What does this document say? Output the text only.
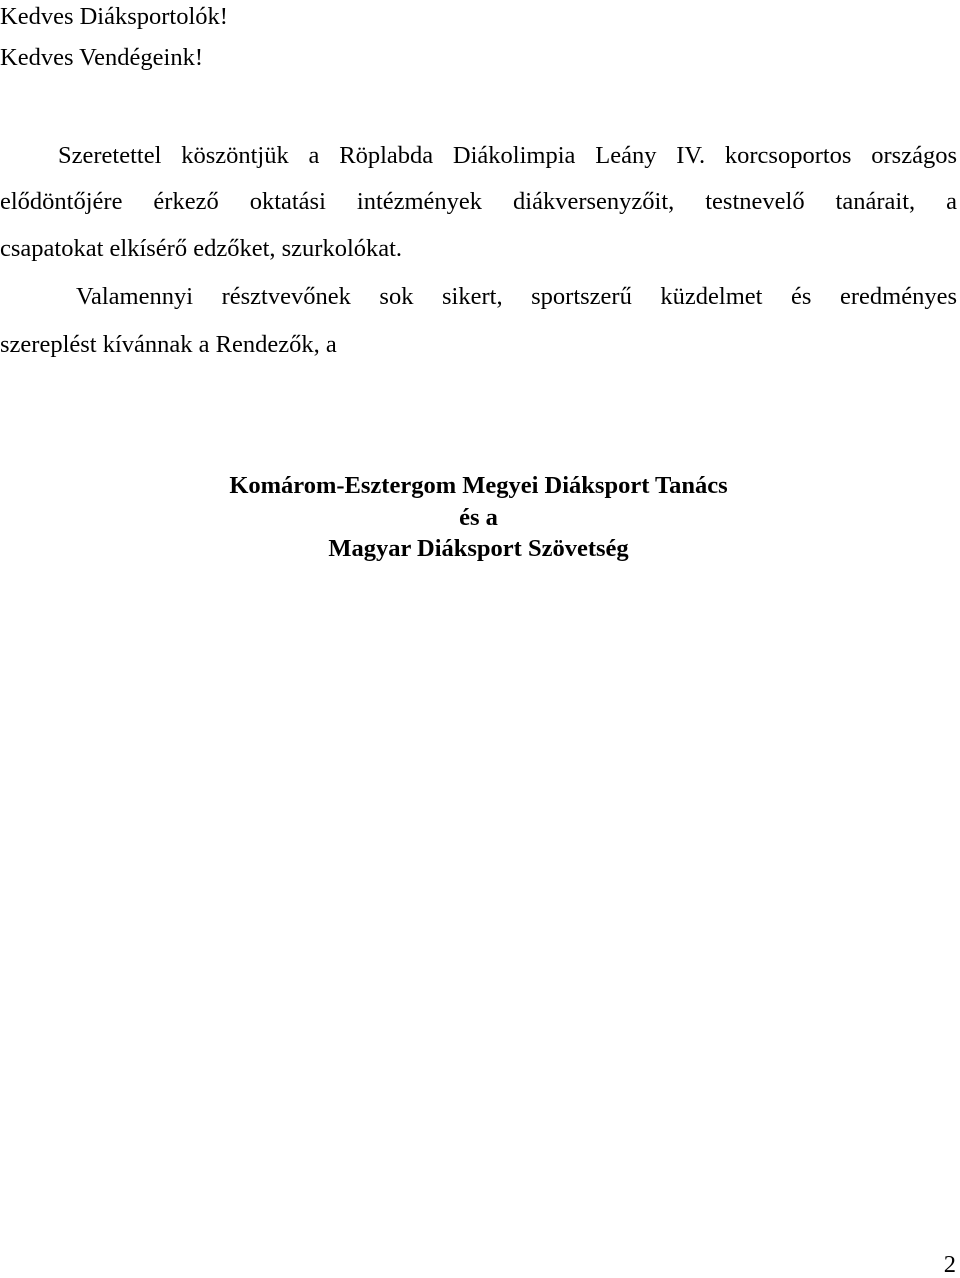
Kedves Diáksportolók!
Kedves Vendégeink!
Szeretettel köszöntjük a Röplabda Diákolimpia Leány IV. korcsoportos országos
elődöntőjére érkező oktatási intézmények diákversenyzőit, testnevelő tanárait, a
csapatokat elkísérő edzőket, szurkolókat.
Valamennyi résztvevőnek sok sikert, sportszerű küzdelmet és eredményes
szereplést kívánnak a Rendezők, a
Komárom-Esztergom Megyei Diáksport Tanács
és a
Magyar Diáksport Szövetség
2
